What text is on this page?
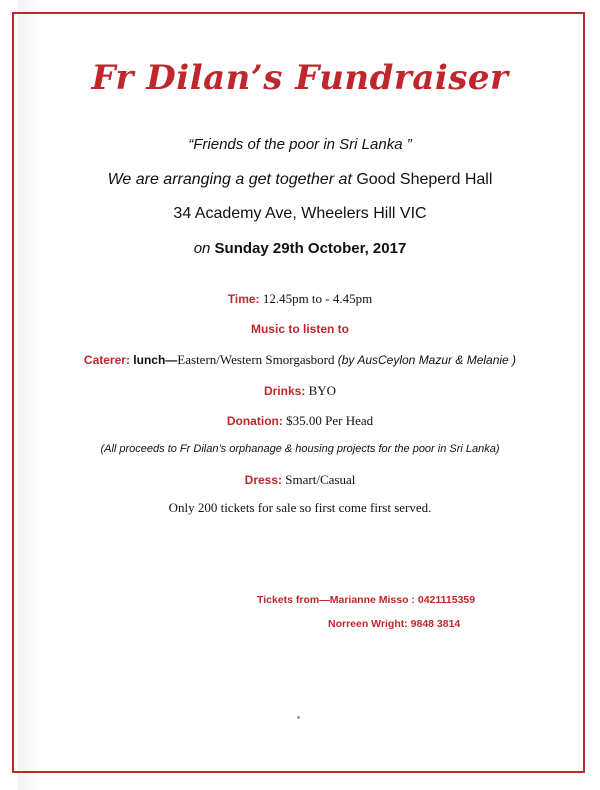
Fr Dilan’s Fundraiser
“Friends of the poor in Sri Lanka ”
We are arranging a get together at Good Sheperd Hall
34 Academy Ave, Wheelers Hill VIC
on Sunday 29th October, 2017
Time: 12.45pm to - 4.45pm
Music to listen to
Caterer: lunch—Eastern/Western Smorgasbord (by AusCeylon Mazur & Melanie )
Drinks: BYO
Donation: $35.00 Per Head
(All proceeds to Fr Dilan’s orphanage & housing projects for the poor in Sri Lanka)
Dress: Smart/Casual
Only 200 tickets for sale so first come first served.
Tickets from—Marianne Misso : 0421115359
Norreen Wright: 9848 3814
